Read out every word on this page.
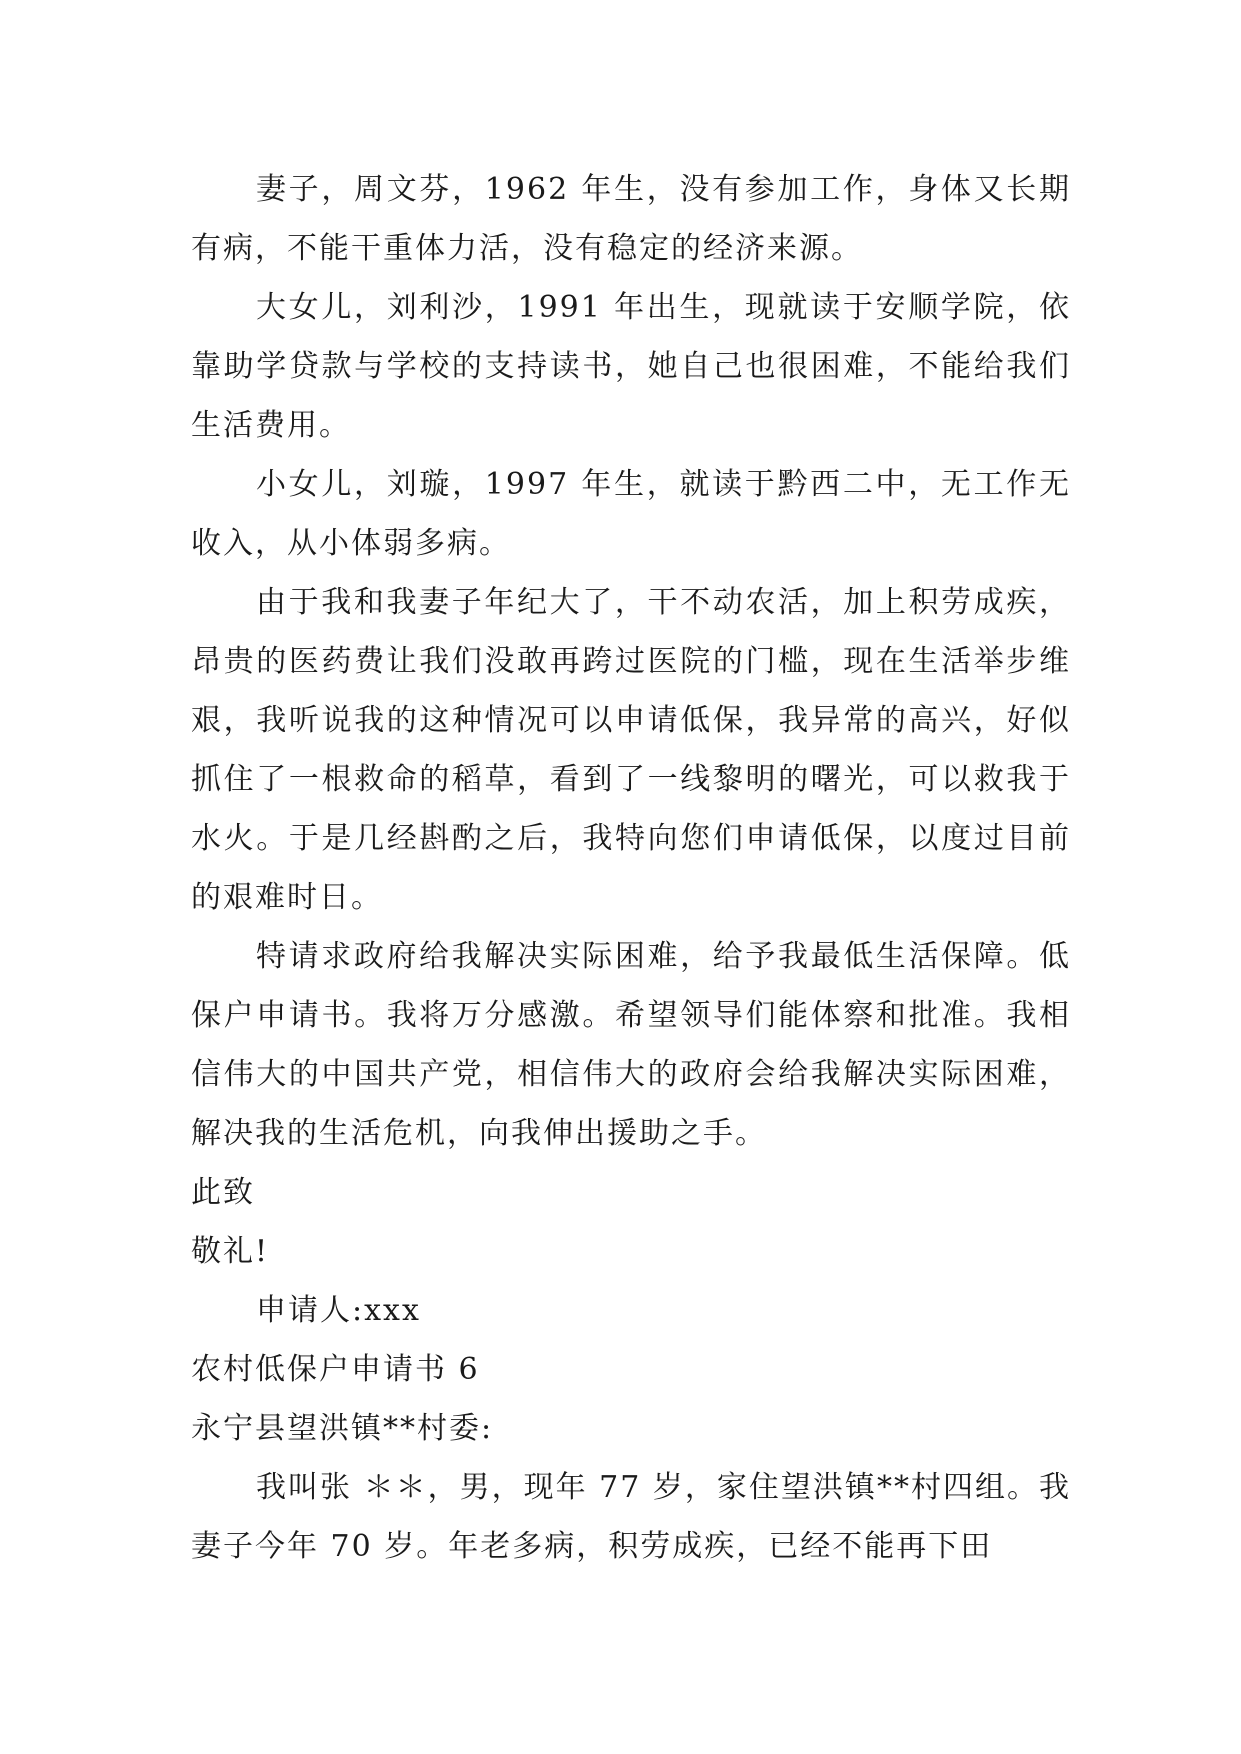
妻子，周文芬，1962 年生，没有参加工作，身体又长期有病，不能干重体力活，没有稳定的经济来源。

大女儿，刘利沙，1991 年出生，现就读于安顺学院，依靠助学贷款与学校的支持读书，她自己也很困难，不能给我们生活费用。

小女儿，刘璇，1997 年生，就读于黔西二中，无工作无收入，从小体弱多病。

由于我和我妻子年纪大了，干不动农活，加上积劳成疾，昂贵的医药费让我们没敢再跨过医院的门槛，现在生活举步维艰，我听说我的这种情况可以申请低保，我异常的高兴，好似抓住了一根救命的稻草，看到了一线黎明的曙光，可以救我于水火。于是几经斟酌之后，我特向您们申请低保，以度过目前的艰难时日。

特请求政府给我解决实际困难，给予我最低生活保障。低保户申请书。我将万分感激。希望领导们能体察和批准。我相信伟大的中国共产党，相信伟大的政府会给我解决实际困难，解决我的生活危机，向我伸出援助之手。

此致

敬礼!

申请人:xxx

农村低保户申请书 6

永宁县望洪镇**村委:

我叫张 ＊＊，男，现年 77 岁，家住望洪镇**村四组。我妻子今年 70 岁。年老多病，积劳成疾，已经不能再下田
